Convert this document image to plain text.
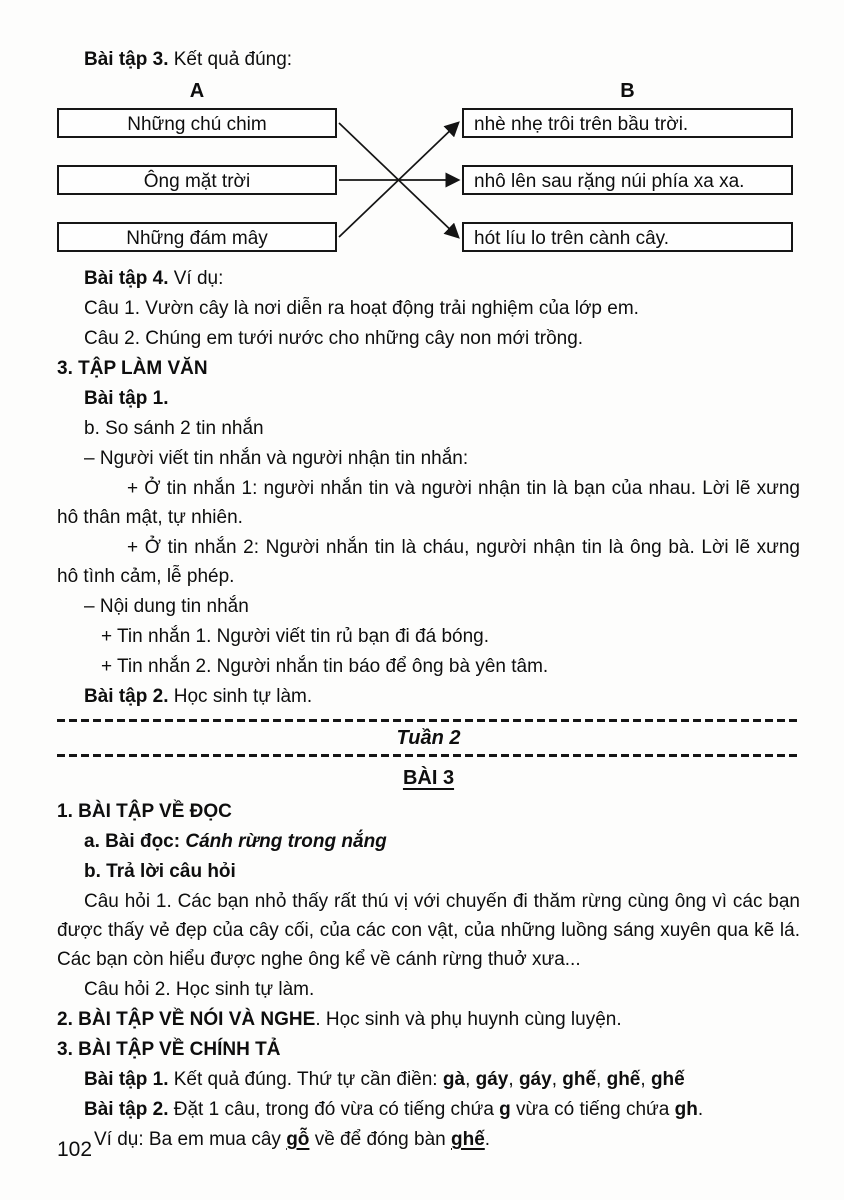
Bài tập 3. Kết quả đúng:

A	B
Những chú chim
Ông mặt trời
Những đám mây
nhè nhẹ trôi trên bầu trời.
nhô lên sau rặng núi phía xa xa.
hót líu lo trên cành cây.

Bài tập 4. Ví dụ:

Câu 1. Vườn cây là nơi diễn ra hoạt động trải nghiệm của lớp em.

Câu 2. Chúng em tưới nước cho những cây non mới trồng.

3. TẬP LÀM VĂN

Bài tập 1.

b. So sánh 2 tin nhắn

– Người viết tin nhắn và người nhận tin nhắn:

+ Ở tin nhắn 1: người nhắn tin và người nhận tin là bạn của nhau. Lời lẽ xưng hô thân mật, tự nhiên.

+ Ở tin nhắn 2: Người nhắn tin là cháu, người nhận tin là ông bà. Lời lẽ xưng hô tình cảm, lễ phép.

– Nội dung tin nhắn

+ Tin nhắn 1. Người viết tin rủ bạn đi đá bóng.

+ Tin nhắn 2. Người nhắn tin báo để ông bà yên tâm.

Bài tập 2. Học sinh tự làm.

Tuần 2
BÀI 3

1. BÀI TẬP VỀ ĐỌC

a. Bài đọc: Cánh rừng trong nắng

b. Trả lời câu hỏi

Câu hỏi 1. Các bạn nhỏ thấy rất thú vị với chuyến đi thăm rừng cùng ông vì các bạn được thấy vẻ đẹp của cây cối, của các con vật, của những luồng sáng xuyên qua kẽ lá. Các bạn còn hiểu được nghe ông kể về cánh rừng thuở xưa...

Câu hỏi 2. Học sinh tự làm.

2. BÀI TẬP VỀ NÓI VÀ NGHE. Học sinh và phụ huynh cùng luyện.

3. BÀI TẬP VỀ CHÍNH TẢ

Bài tập 1. Kết quả đúng. Thứ tự cần điền: gà, gáy, gáy, ghế, ghế, ghế

Bài tập 2. Đặt 1 câu, trong đó vừa có tiếng chứa g vừa có tiếng chứa gh.

Ví dụ: Ba em mua cây gỗ về để đóng bàn ghế.

102
